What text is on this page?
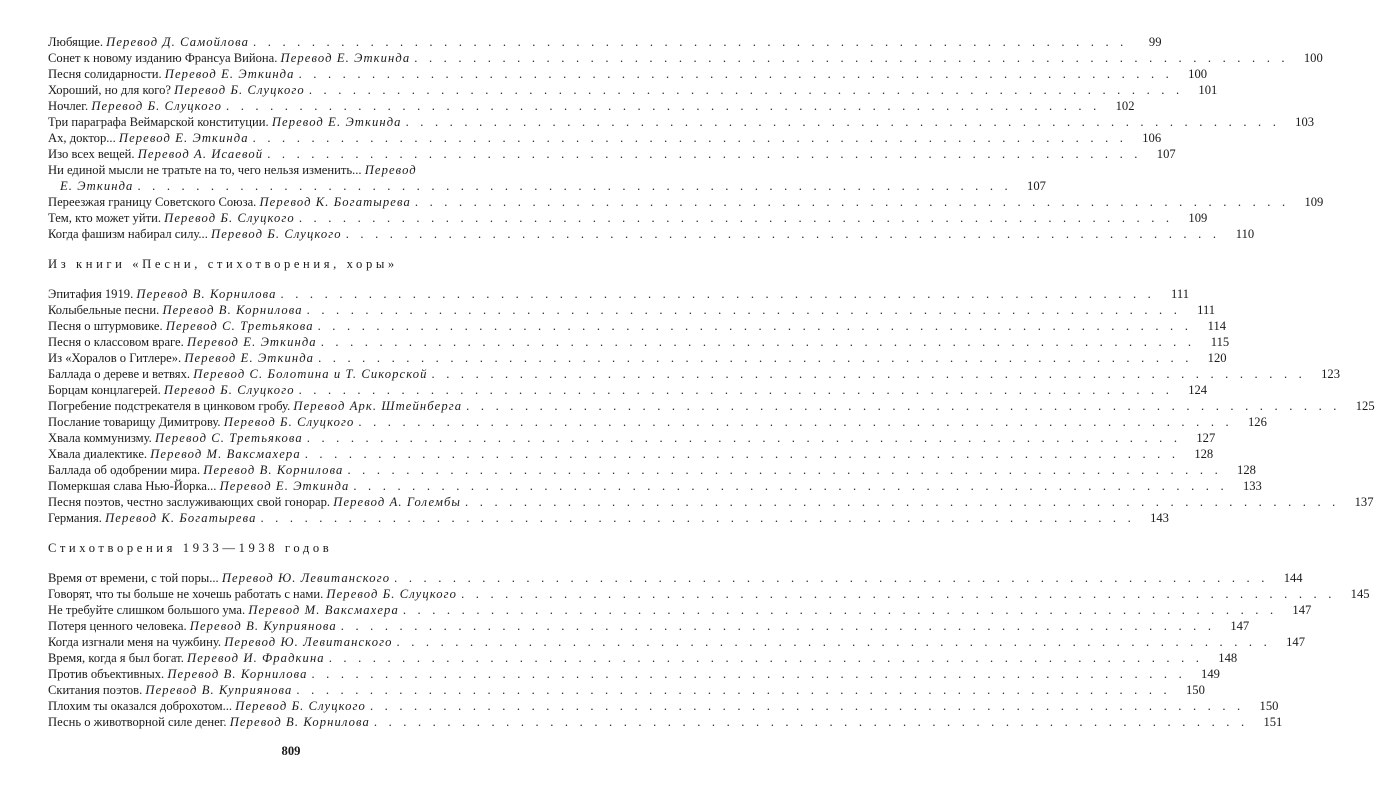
Любящие. Перевод Д. Самойлова . . .	99
Сонет к новому изданию Франсуа Вийона. Перевод Е. Эткинда . . .	100
Песня солидарности. Перевод Е. Эткинда . . .	100
Хороший, но для кого? Перевод Б. Слуцкого . . .	101
Ночлег. Перевод Б. Слуцкого . . .	102
Три параграфа Веймарской конституции. Перевод Е. Эткинда . . .	103
Ах, доктор... Перевод Е. Эткинда . . .	106
Изо всех вещей. Перевод А. Исаевой . . .	107
Ни единой мысли не тратьте на то, чего нельзя изменить... Перевод
Е. Эткинда . . .	107
Переезжая границу Советского Союза. Перевод К. Богатырева . . .	109
Тем, кто может уйти. Перевод Б. Слуцкого . . .	109
Когда фашизм набирал силу... Перевод Б. Слуцкого . . .	110
Из книги «Песни, стихотворения, хоры»
Эпитафия 1919. Перевод В. Корнилова . . .	111
Колыбельные песни. Перевод В. Корнилова . . .	111
Песня о штурмовике. Перевод С. Третьякова . . .	114
Песня о классовом враге. Перевод Е. Эткинда . . .	115
Из «Хоралов о Гитлере». Перевод Е. Эткинда . . .	120
Баллада о дереве и ветвях. Перевод С. Болотина и Т. Сикорской . . .	123
Борцам концлагерей. Перевод Б. Слуцкого . . .	124
Погребение подстрекателя в цинковом гробу. Перевод Арк. Штейнберга . . .	125
Послание товарищу Димитрову. Перевод Б. Слуцкого . . .	126
Хвала коммунизму. Перевод С. Третьякова . . .	127
Хвала диалектике. Перевод М. Ваксмахера . . .	128
Баллада об одобрении мира. Перевод В. Корнилова . . .	128
Померкшая слава Нью-Йорка... Перевод Е. Эткинда . . .	133
Песня поэтов, честно заслуживающих свой гонорар. Перевод А. Голембы . . .	137
Германия. Перевод К. Богатырева . . .	143
Стихотворения 1933—1938 годов
Время от времени, с той поры... Перевод Ю. Левитанского . . .	144
Говорят, что ты больше не хочешь работать с нами. Перевод Б. Слуцкого . . .	145
Не требуйте слишком большого ума. Перевод М. Ваксмахера . . .	147
Потеря ценного человека. Перевод В. Куприянова . . .	147
Когда изгнали меня на чужбину. Перевод Ю. Левитанского . . .	147
Время, когда я был богат. Перевод И. Фрадкина . . .	148
Против объективных. Перевод В. Корнилова . . .	149
Скитания поэтов. Перевод В. Куприянова . . .	150
Плохим ты оказался доброхотом... Перевод Б. Слуцкого . . .	150
Песнь о животворной силе денег. Перевод В. Корнилова . . .	151
809
